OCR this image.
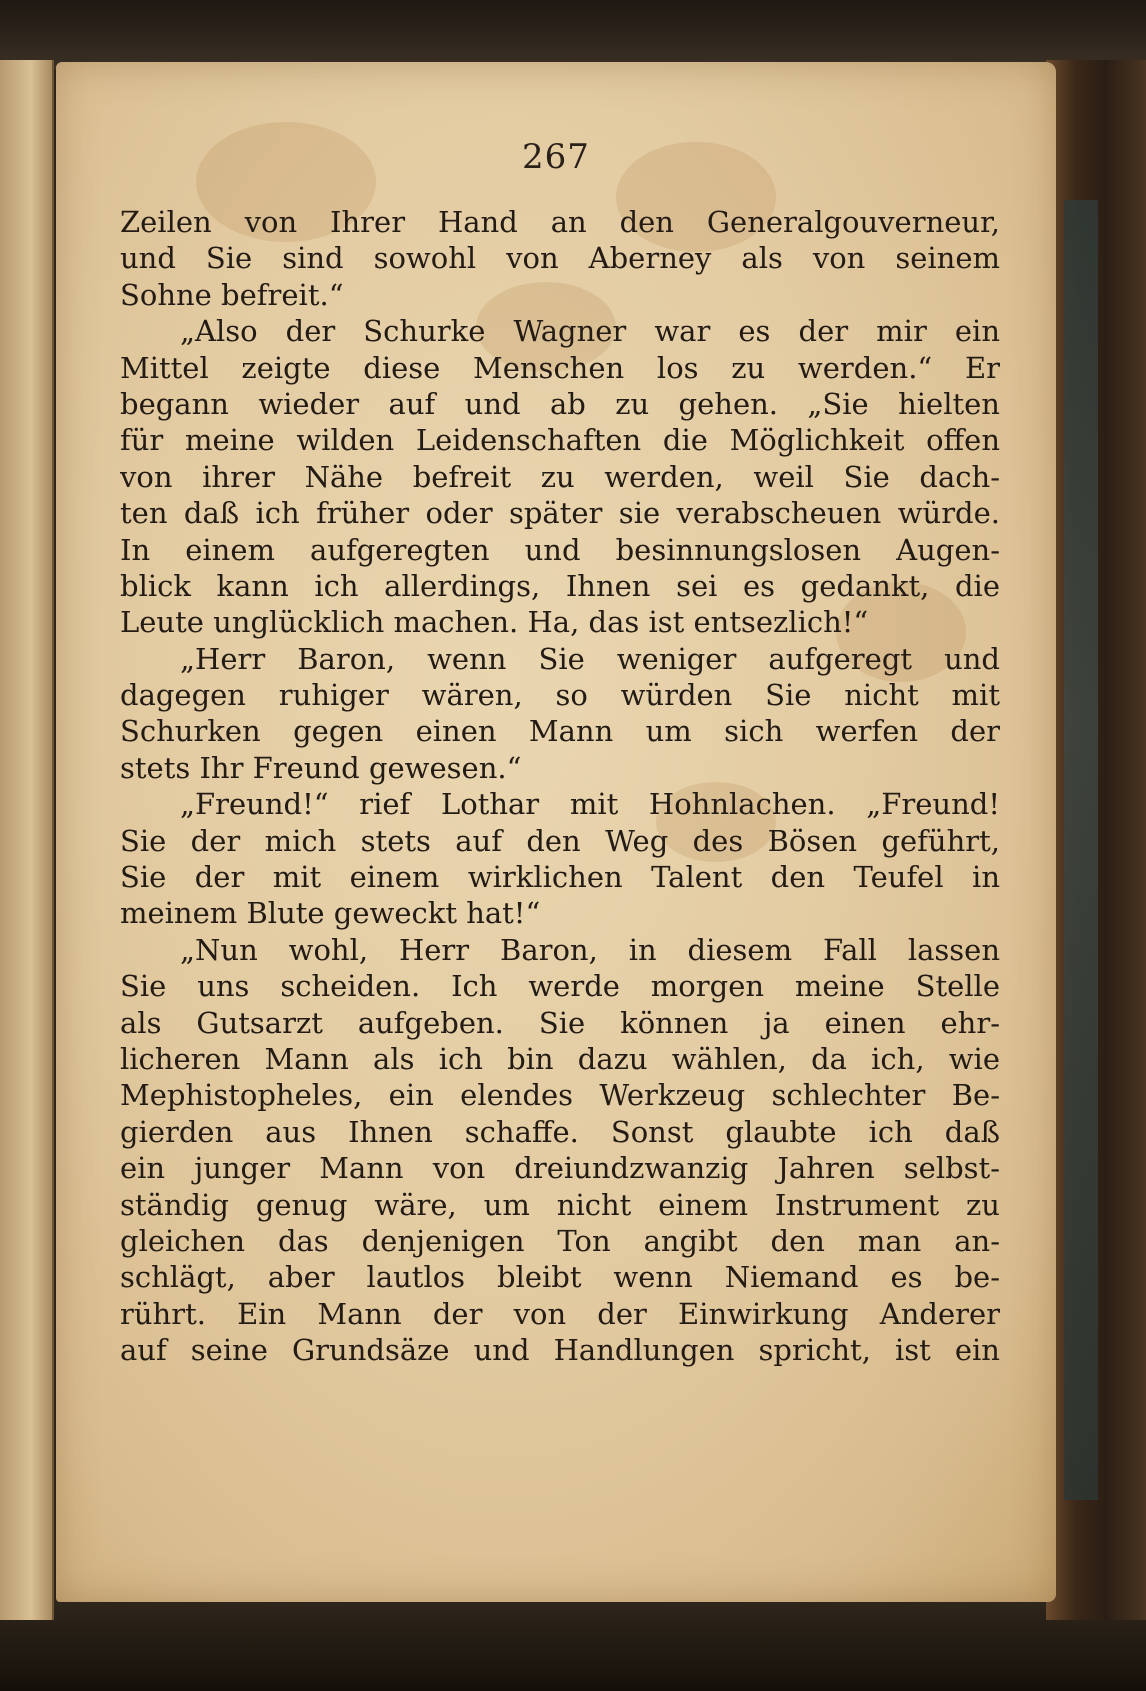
267
Zeilen von Ihrer Hand an den Generalgouverneur,
und Sie sind sowohl von Aberney als von seinem
Sohne befreit.“
„Also der Schurke Wagner war es der mir ein
Mittel zeigte diese Menschen los zu werden.“ Er
begann wieder auf und ab zu gehen. „Sie hielten
für meine wilden Leidenschaften die Möglichkeit offen
von ihrer Nähe befreit zu werden, weil Sie dach-
ten daß ich früher oder später sie verabscheuen würde.
In einem aufgeregten und besinnungslosen Augen-
blick kann ich allerdings, Ihnen sei es gedankt, die
Leute unglücklich machen. Ha, das ist entsezlich!“
„Herr Baron, wenn Sie weniger aufgeregt und
dagegen ruhiger wären, so würden Sie nicht mit
Schurken gegen einen Mann um sich werfen der
stets Ihr Freund gewesen.“
„Freund!“ rief Lothar mit Hohnlachen. „Freund!
Sie der mich stets auf den Weg des Bösen geführt,
Sie der mit einem wirklichen Talent den Teufel in
meinem Blute geweckt hat!“
„Nun wohl, Herr Baron, in diesem Fall lassen
Sie uns scheiden. Ich werde morgen meine Stelle
als Gutsarzt aufgeben. Sie können ja einen ehr-
licheren Mann als ich bin dazu wählen, da ich, wie
Mephistopheles, ein elendes Werkzeug schlechter Be-
gierden aus Ihnen schaffe. Sonst glaubte ich daß
ein junger Mann von dreiundzwanzig Jahren selbst-
ständig genug wäre, um nicht einem Instrument zu
gleichen das denjenigen Ton angibt den man an-
schlägt, aber lautlos bleibt wenn Niemand es be-
rührt. Ein Mann der von der Einwirkung Anderer
auf seine Grundsäze und Handlungen spricht, ist ein
